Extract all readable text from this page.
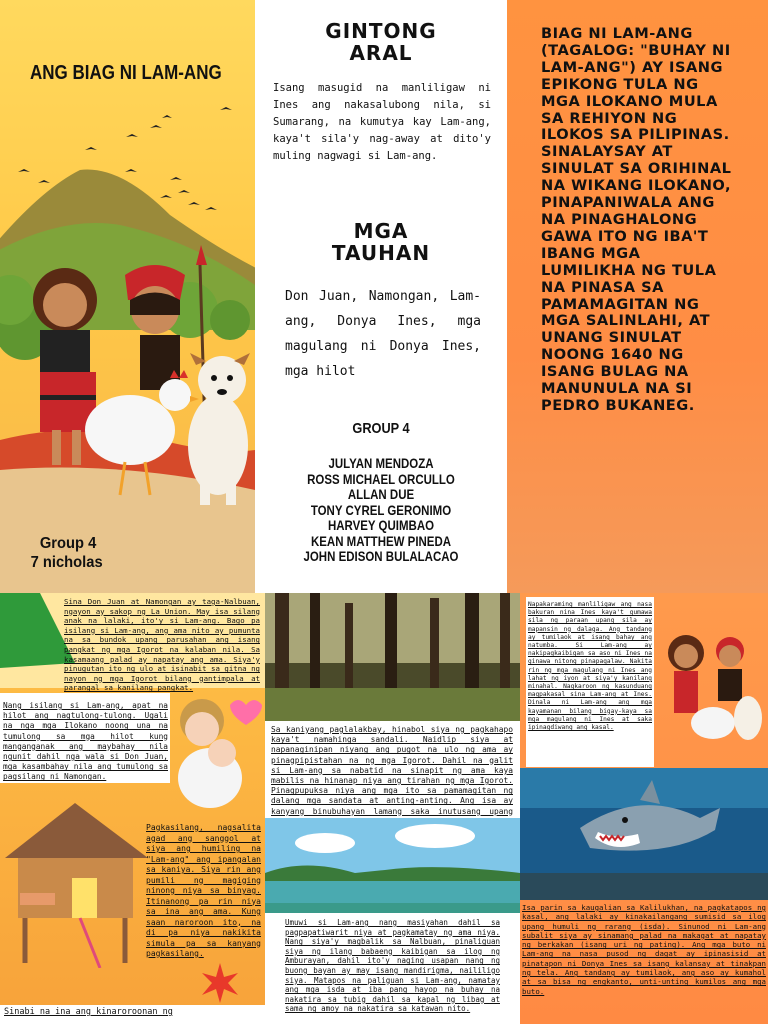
ANG BIAG NI LAM-ANG
Group 4
7 nicholas
GINTONG
ARAL
Isang masugid na manliligaw ni Ines ang nakasalubong nila, si Sumarang, na kumutya kay Lam-ang, kaya't sila'y nag-away at dito'y muling nagwagi si Lam-ang.
MGA
TAUHAN
Don Juan, Namongan, Lam-ang, Donya Ines, mga magulang ni Donya Ines, mga hilot
GROUP 4
JULYAN MENDOZA
ROSS MICHAEL ORCULLO
ALLAN DUE
TONY CYREL GERONIMO
HARVEY QUIMBAO
KEAN MATTHEW PINEDA
JOHN EDISON BULALACAO
BIAG NI LAM-ANG (TAGALOG: "BUHAY NI LAM-ANG") AY ISANG EPIKONG TULA NG MGA ILOKANO MULA SA REHIYON NG ILOKOS SA PILIPINAS. SINALAYSAY AT SINULAT SA ORIHINAL NA WIKANG ILOKANO, PINAPANIWALA ANG NA PINAGHALONG GAWA ITO NG IBA'T IBANG MGA LUMILIKHA NG TULA NA PINASA SA PAMAMAGITAN NG MGA SALINLAHI, AT UNANG SINULAT NOONG 1640 NG ISANG BULAG NA MANUNULA NA SI PEDRO BUKANEG.
Sina Don Juan at Namongan ay taga-Nalbuan, ngayon ay sakop ng La Union. May isa silang anak na lalaki, ito'y si Lam-ang. Bago pa isilang si Lam-ang, ang ama nito ay pumunta na sa bundok upang parusahan ang isang pangkat ng mga Igorot na kalaban nila. Sa kasamaang palad ay napatay ang ama. Siya'y pinugutan ito ng ulo at isinabit sa gitna ng nayon ng mga Igorot bilang gantimpala at parangal sa kanilang pangkat.
Nang isilang si Lam-ang, apat na hilot ang nagtulong-tulong. Ugali na nga mga Ilokano noong una na tumulong sa mga hilot kung manganganak ang maybahay nila ngunit dahil nga wala si Don Juan, mga kasambahay nila ang tumulong sa pagsilang ni Namongan.
Pagkasilang, nagsalita agad ang sanggol at siya ang humiling na "Lam-ang" ang ipangalan sa kaniya. Siya rin ang pumili ng magiging ninong niya sa binyag. Itinanong pa rin niya sa ina ang ama. Kung saan naroroon ito, na di pa niya nakikita simula pa sa kanyang pagkasilang.
Sinabi na ina ang kinaroroonan ng
Sa kaniyang paglalakbay, hinabol siya ng pagkahapo kaya't namahinga sandali. Naidlip siya at napanaginipan niyang ang pugot na ulo ng ama ay pinagpipistahan na ng mga Igorot. Dahil na galit si Lam-ang sa nabatid na sinapit ng ama kaya mabilis na hinanap niya ang tirahan ng mga Igorot. Pinagpupuksa niya ang mga ito sa pamamagitan ng dalang mga sandata at anting-anting. Ang isa ay kanyang binubuhayan lamang saka inutusang upang
Umuwi si Lam-ang nang masiyahan dahil sa pagpapatiwarit niya at pagkamatay ng ama niya. Nang siya'y magbalik sa Nalbuan, pinaliguan siya ng ilang babaeng kaibigan sa ilog ng Amburayan, dahil ito'y naging usapan nang ng buong bayan ay may isang mandirigma, naililigo siya. Matapos na paliguan si Lam-ang, namatay ang mga isda at iba pang hayop na buhay na nakatira sa tubig dahil sa kapal ng libag at sama ng amoy na nakatira sa katawan nito.
Napakaraming manliligaw ang nasa bakuran nina Ines kaya't gumawa sila ng paraan upang sila ay mapansin ng dalaga. Ang tandang ay tumilaok at isang bahay ang natumba. Si Lam-ang ay nakipagkaibigan sa aso ni Ines na ginawa nitong pinapagalaw. Nakita rin ng mga magulang ni Ines ang lahat ng iyon at siya'y kanilang minahal. Nagkaroon ng kasunduang magpakasal sina Lam-ang at Ines. Dinala ni Lam-ang ang mga kayamanan bilang bigay-kaya sa mga magulang ni Ines at saka ipinagdiwang ang kasal.
Isa parin sa kaugalian sa Kalilukhan, na pagkatapos ng kasal, ang lalaki ay kinakailangang sumisid sa ilog upang humuli ng rarang (isda). Sinunod ni Lam-ang subalit siya ay sinamang palad na makagat at napatay ng berkakan (isang uri ng pating). Ang mga buto ni Lam-ang na nasa pusod ng dagat ay ipinasisid at pinatapon ni Donya Ines sa isang kalansay at tinakpan ng tela. Ang tandang ay tumilaok, ang aso ay kumahol at sa bisa ng engkanto, unti-unting kumilos ang mga buto.
